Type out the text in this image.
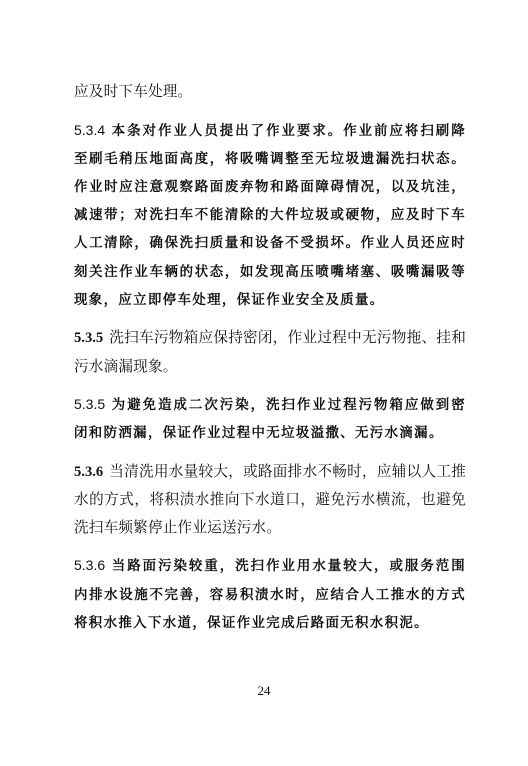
应及时下车处理。

5.3.4 本条对作业人员提出了作业要求。作业前应将扫刷降至刷毛稍压地面高度，将吸嘴调整至无垃圾遗漏洗扫状态。作业时应注意观察路面废弃物和路面障碍情况，以及坑洼，减速带；对洗扫车不能清除的大件垃圾或硬物，应及时下车人工清除，确保洗扫质量和设备不受损坏。作业人员还应时刻关注作业车辆的状态，如发现高压喷嘴堵塞、吸嘴漏吸等现象，应立即停车处理，保证作业安全及质量。

5.3.5 洗扫车污物箱应保持密闭，作业过程中无污物拖、挂和污水滴漏现象。

5.3.5 为避免造成二次污染，洗扫作业过程污物箱应做到密闭和防洒漏，保证作业过程中无垃圾溢撒、无污水滴漏。

5.3.6 当清洗用水量较大，或路面排水不畅时，应辅以人工推水的方式，将积渍水推向下水道口，避免污水横流，也避免洗扫车频繁停止作业运送污水。

5.3.6 当路面污染较重，洗扫作业用水量较大，或服务范围内排水设施不完善，容易积渍水时，应结合人工推水的方式将积水推入下水道，保证作业完成后路面无积水积泥。

24
